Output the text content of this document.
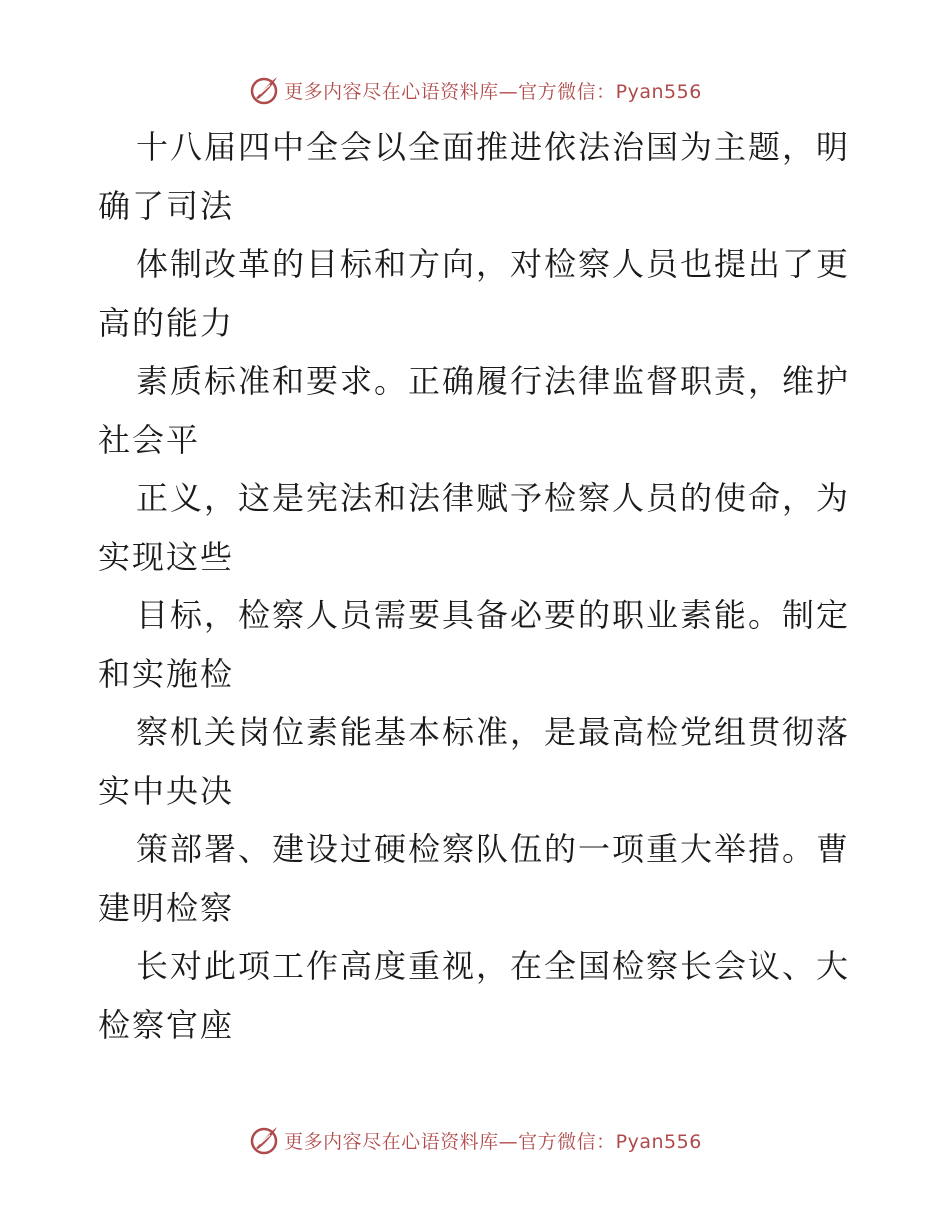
更多内容尽在心语资料库—官方微信：Pyan556

十八届四中全会以全面推进依法治国为主题，明确了司法

体制改革的目标和方向，对检察人员也提出了更高的能力

素质标准和要求。正确履行法律监督职责，维护社会平

正义，这是宪法和法律赋予检察人员的使命，为实现这些

目标，检察人员需要具备必要的职业素能。制定和实施检

察机关岗位素能基本标准，是最高检党组贯彻落实中央决

策部署、建设过硬检察队伍的一项重大举措。曹建明检察

长对此项工作高度重视，在全国检察长会议、大检察官座

更多内容尽在心语资料库—官方微信：Pyan556
